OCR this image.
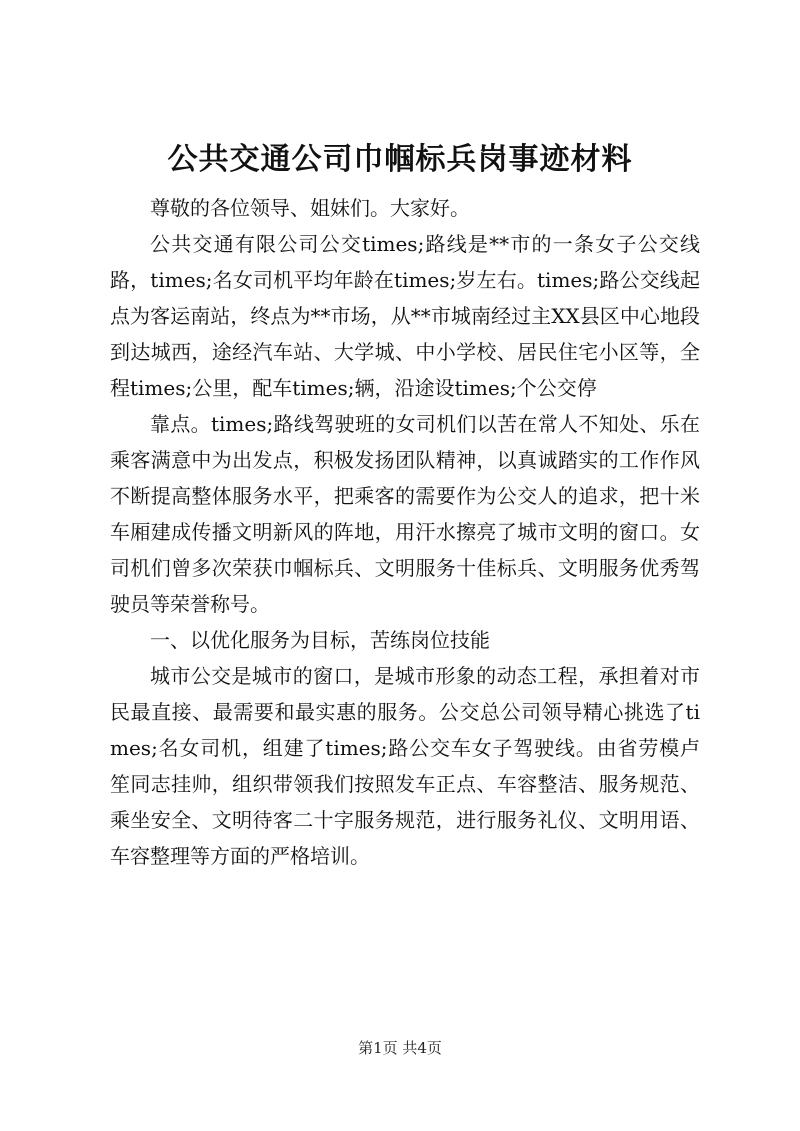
公共交通公司巾帼标兵岗事迹材料

尊敬的各位领导、姐妹们。大家好。

公共交通有限公司公交times;路线是**市的一条女子公交线路，times;名女司机平均年龄在times;岁左右。times;路公交线起点为客运南站，终点为**市场，从**市城南经过主XX县区中心地段到达城西，途经汽车站、大学城、中小学校、居民住宅小区等，全程times;公里，配车times;辆，沿途设times;个公交停

靠点。times;路线驾驶班的女司机们以苦在常人不知处、乐在乘客满意中为出发点，积极发扬团队精神，以真诚踏实的工作作风不断提高整体服务水平，把乘客的需要作为公交人的追求，把十米车厢建成传播文明新风的阵地，用汗水擦亮了城市文明的窗口。女司机们曾多次荣获巾帼标兵、文明服务十佳标兵、文明服务优秀驾驶员等荣誉称号。

一、以优化服务为目标，苦练岗位技能

城市公交是城市的窗口，是城市形象的动态工程，承担着对市民最直接、最需要和最实惠的服务。公交总公司领导精心挑选了times;名女司机，组建了times;路公交车女子驾驶线。由省劳模卢笙同志挂帅，组织带领我们按照发车正点、车容整洁、服务规范、乘坐安全、文明待客二十字服务规范，进行服务礼仪、文明用语、车容整理等方面的严格培训。

第1页 共4页
